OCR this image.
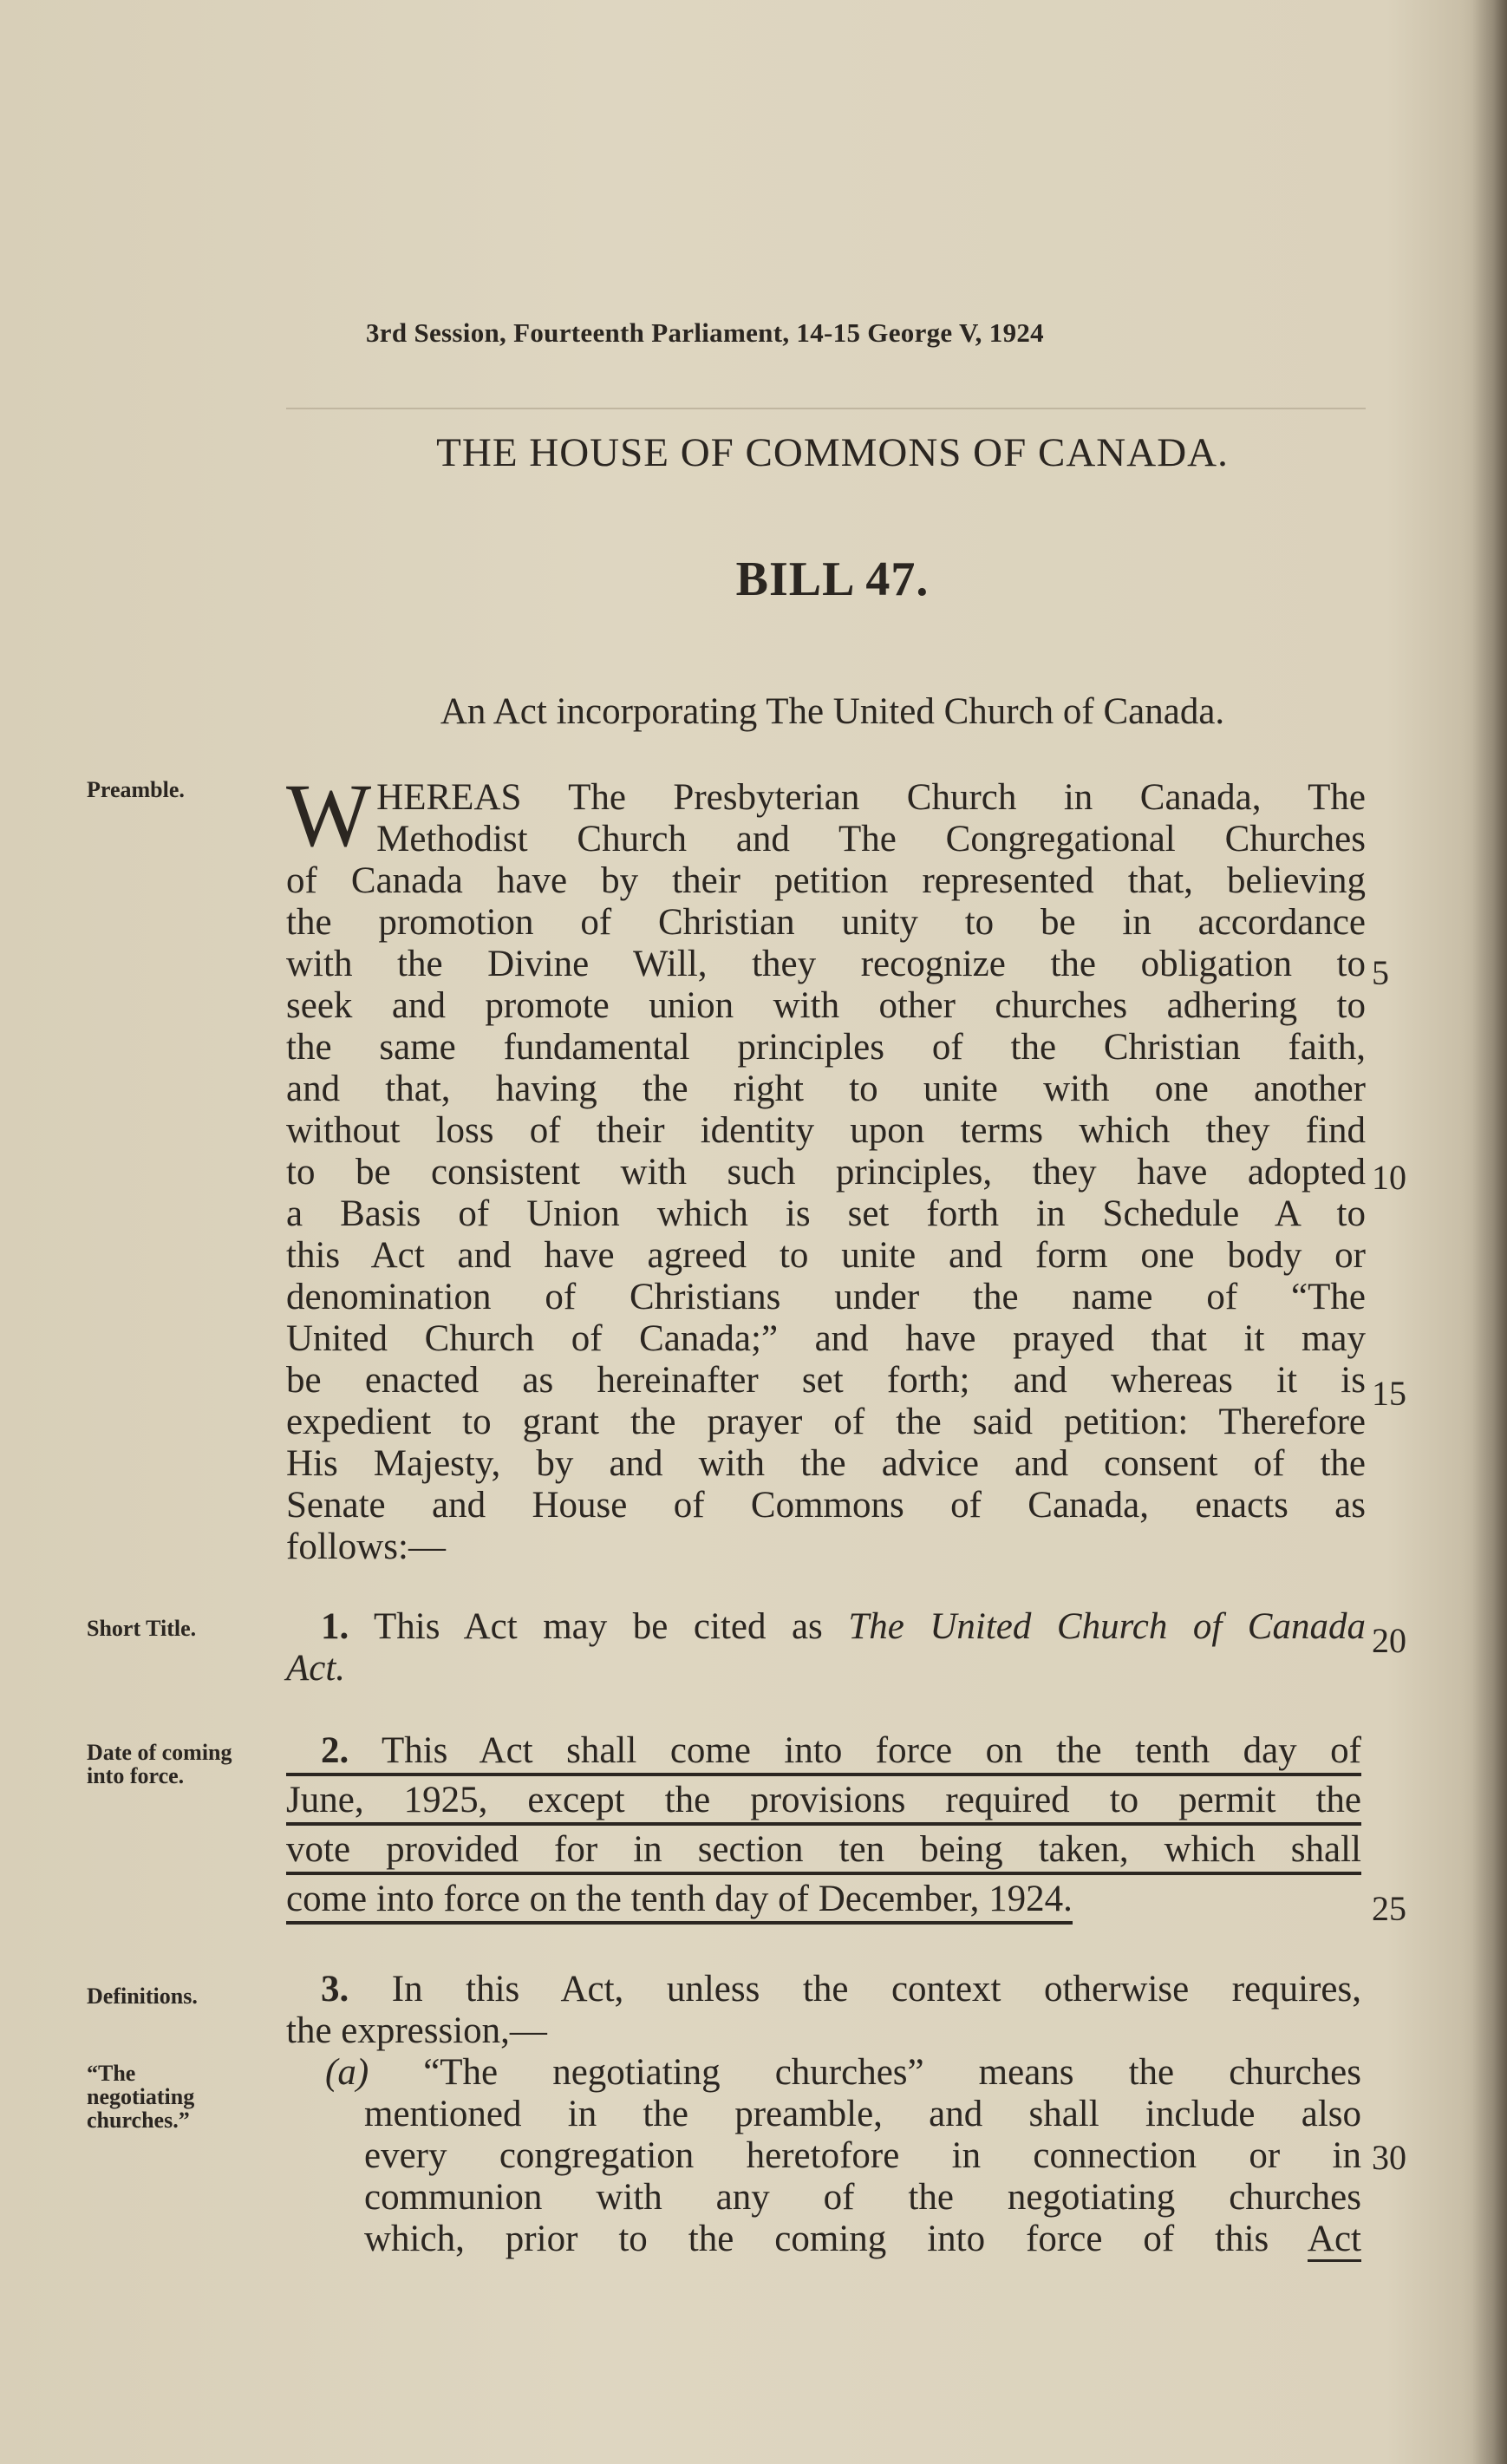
3rd Session, Fourteenth Parliament, 14-15 George V, 1924
THE HOUSE OF COMMONS OF CANADA.
BILL 47.
An Act incorporating The United Church of Canada.
Preamble.
Short Title.
Date of coming into force.
Definitions.
“The negotiating churches.”
W HEREAS The Presbyterian Church in Canada, The
Methodist Church and The Congregational Churches
of Canada have by their petition represented that, believing
the promotion of Christian unity to be in accordance
with the Divine Will, they recognize the obligation to
seek and promote union with other churches adhering to
the same fundamental principles of the Christian faith,
and that, having the right to unite with one another
without loss of their identity upon terms which they find
to be consistent with such principles, they have adopted
a Basis of Union which is set forth in Schedule A to
this Act and have agreed to unite and form one body or
denomination of Christians under the name of “The
United Church of Canada;” and have prayed that it may
be enacted as hereinafter set forth; and whereas it is
expedient to grant the prayer of the said petition: Therefore
His Majesty, by and with the advice and consent of the
Senate and House of Commons of Canada, enacts as
follows:—
1. This Act may be cited as The United Church of Canada
Act.
2. This Act shall come into force on the tenth day of
June, 1925, except the provisions required to permit the
vote provided for in section ten being taken, which shall
come into force on the tenth day of December, 1924.
3. In this Act, unless the context otherwise requires,
the expression,—
(a) “The negotiating churches” means the churches
mentioned in the preamble, and shall include also
every congregation heretofore in connection or in
communion with any of the negotiating churches
which, prior to the coming into force of this Act
5
10
15
20
25
30
